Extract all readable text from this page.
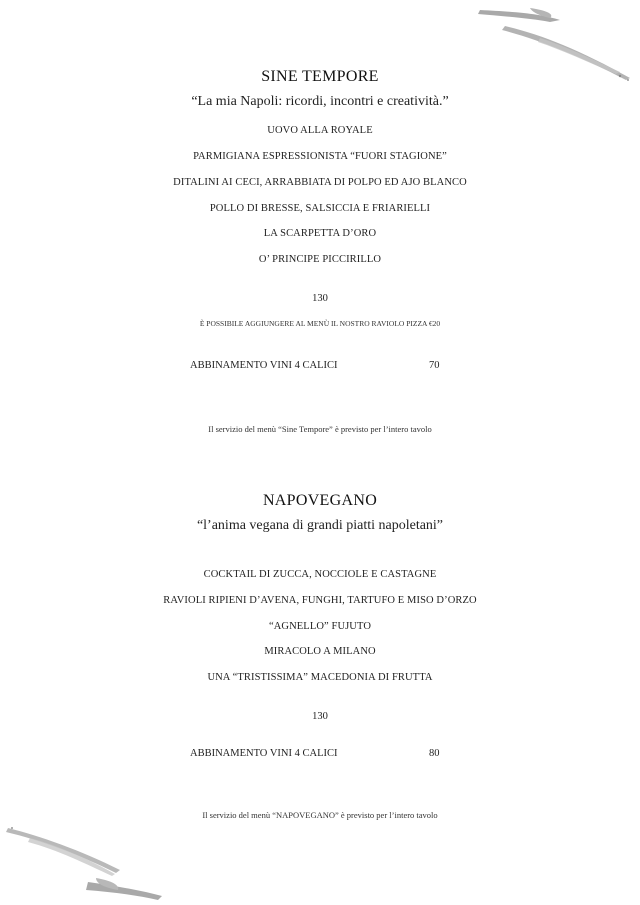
SINE TEMPORE
“La mia Napoli: ricordi, incontri e creatività.”
UOVO ALLA ROYALE
PARMIGIANA ESPRESSIONISTA “FUORI STAGIONE”
DITALINI AI CECI, ARRABBIATA DI POLPO ED AJO BLANCO
POLLO DI BRESSE, SALSICCIA E FRIARIELLI
LA SCARPETTA D’ORO
O’ PRINCIPE PICCIRILLO
130
È POSSIBILE AGGIUNGERE AL MENÙ IL NOSTRO RAVIOLO PIZZA €20
ABBINAMENTO VINI 4 CALICI	70
Il servizio del menù “Sine Tempore” è previsto per l’intero tavolo
NAPOVEGANO
“l’anima vegana di grandi piatti napoletani”
COCKTAIL DI ZUCCA, NOCCIOLE E CASTAGNE
RAVIOLI RIPIENI D’AVENA, FUNGHI, TARTUFO E MISO D’ORZO
“AGNELLO” FUJUTO
MIRACOLO A MILANO
UNA “TRISTISSIMA” MACEDONIA DI FRUTTA
130
ABBINAMENTO VINI 4 CALICI	80
Il servizio del menù “NAPOVEGANO” è previsto per l’intero tavolo
